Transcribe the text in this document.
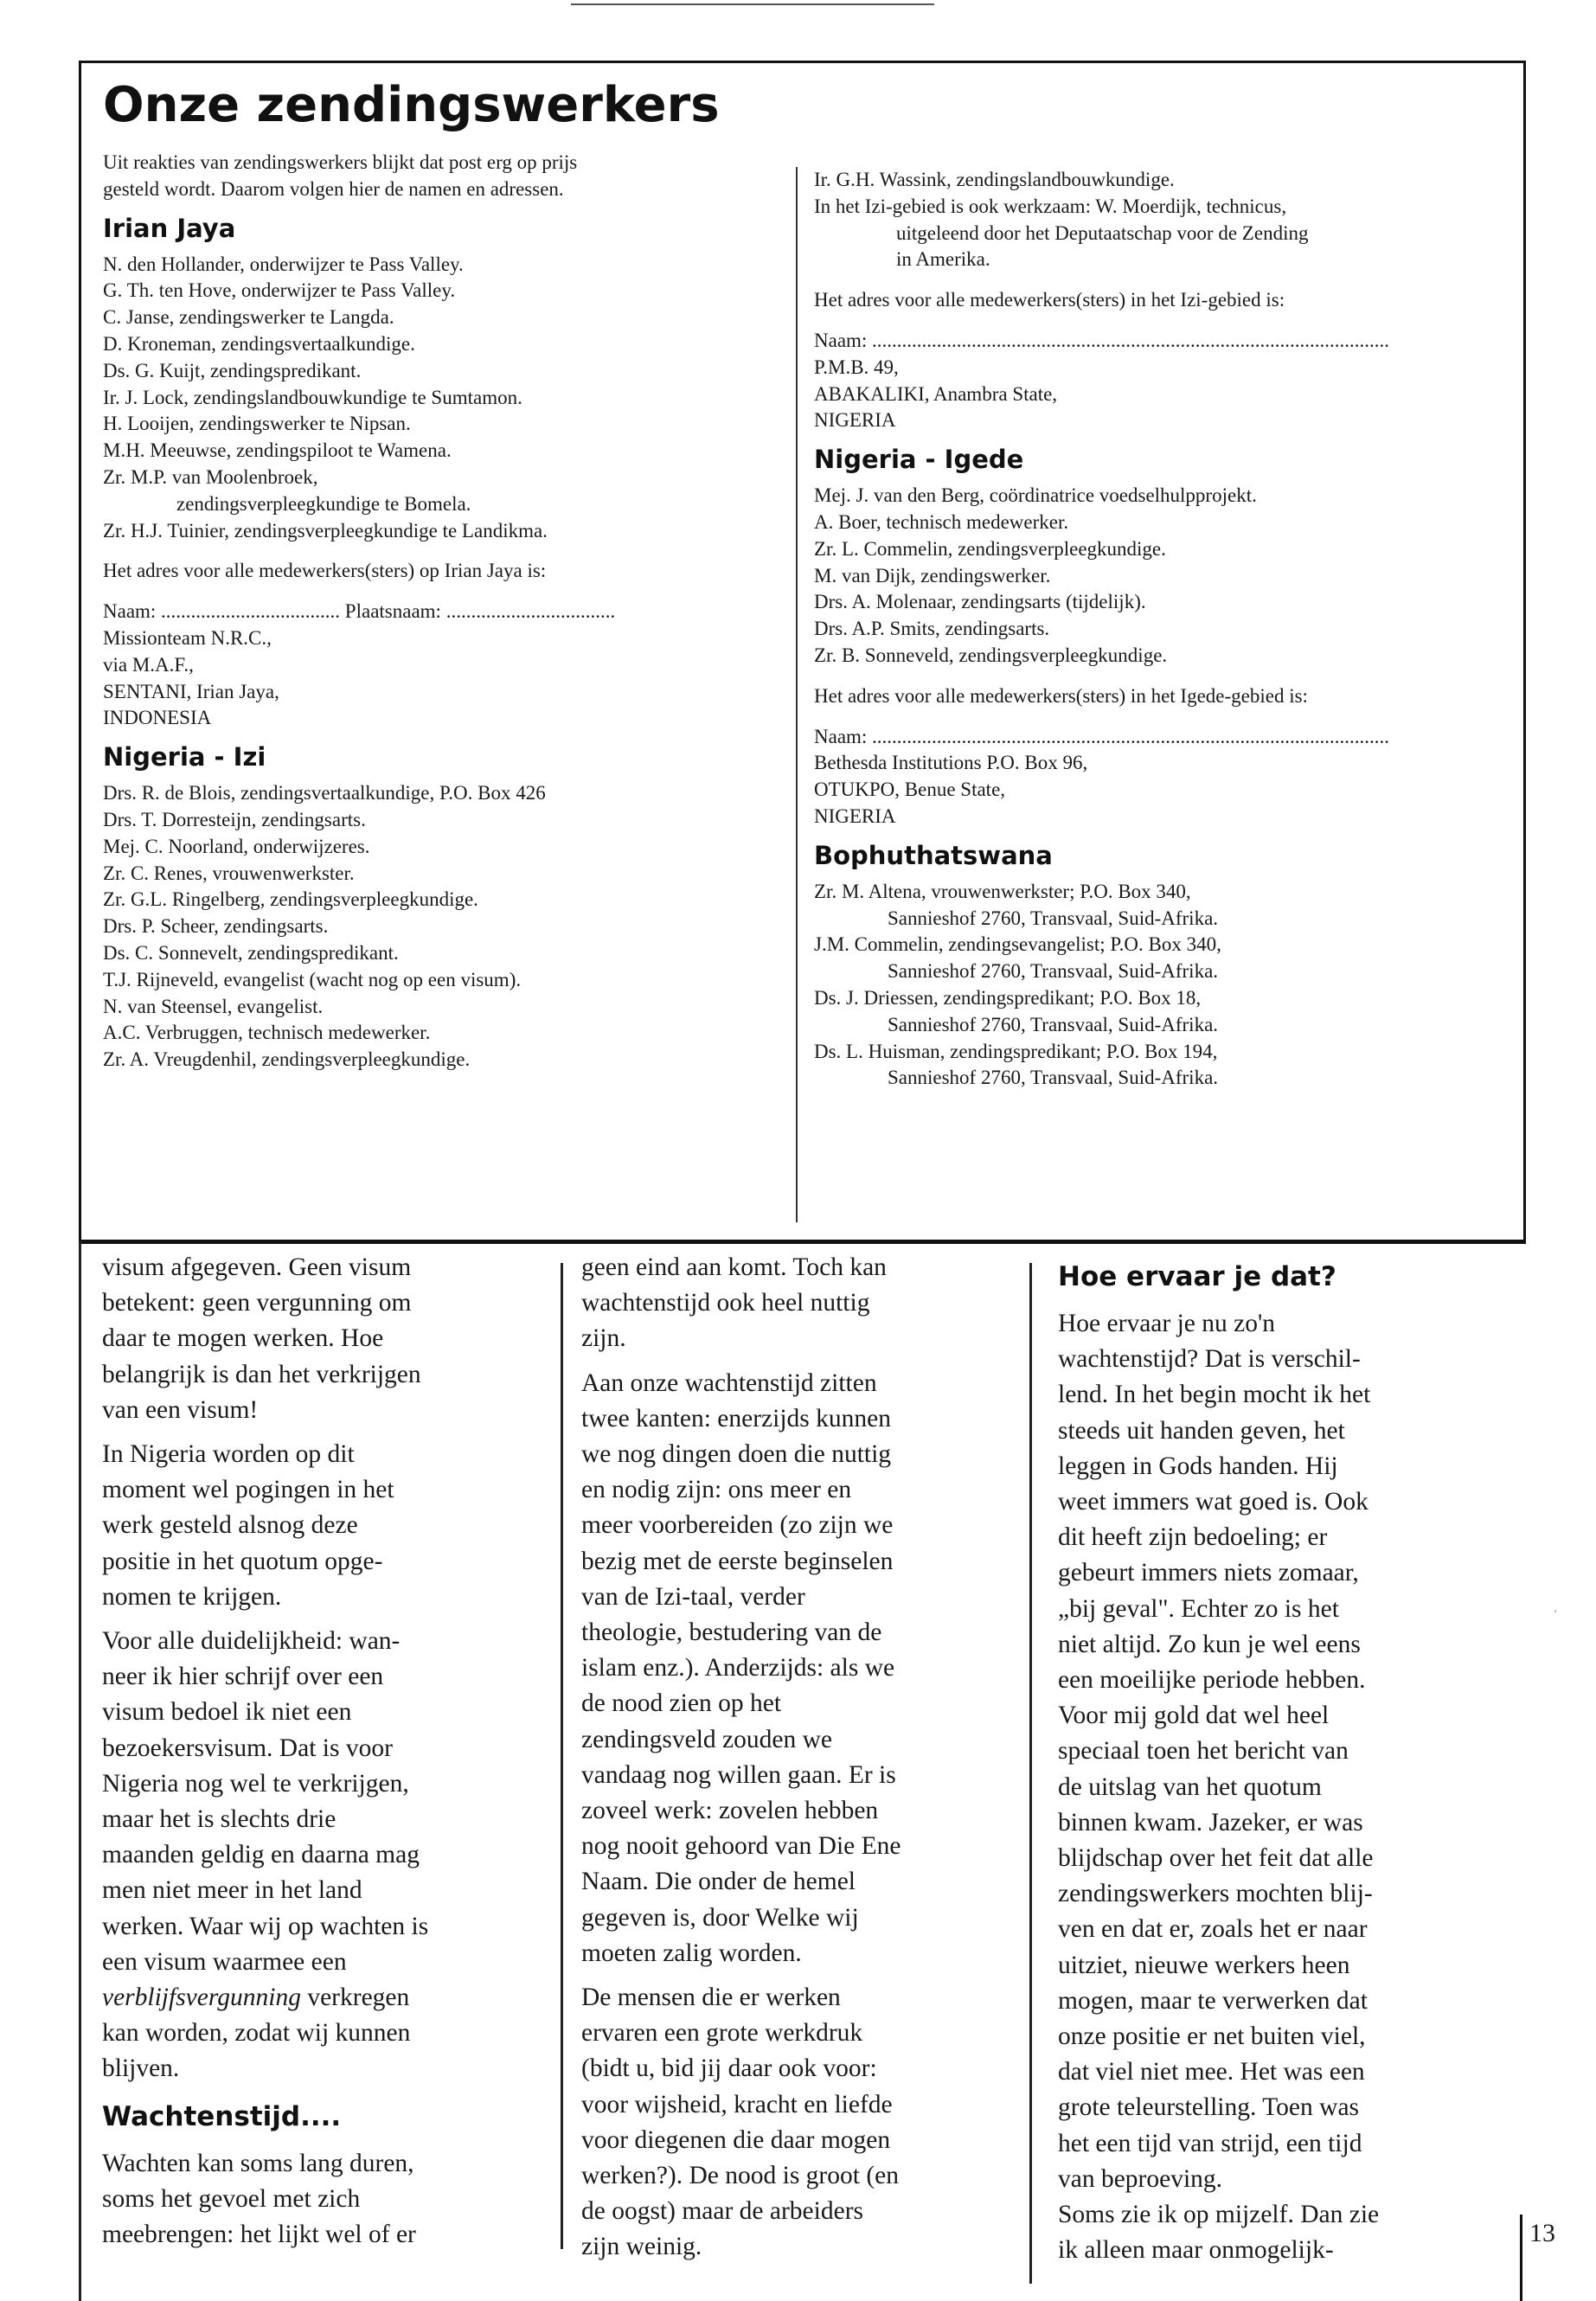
Onze zendingswerkers
Uit reakties van zendingswerkers blijkt dat post erg op prijs
gesteld wordt. Daarom volgen hier de namen en adressen.
Irian Jaya
N. den Hollander, onderwijzer te Pass Valley.
G. Th. ten Hove, onderwijzer te Pass Valley.
C. Janse, zendingswerker te Langda.
D. Kroneman, zendingsvertaalkundige.
Ds. G. Kuijt, zendingspredikant.
Ir. J. Lock, zendingslandbouwkundige te Sumtamon.
H. Looijen, zendingswerker te Nipsan.
M.H. Meeuwse, zendingspiloot te Wamena.
Zr. M.P. van Moolenbroek,
zendingsverpleegkundige te Bomela.
Zr. H.J. Tuinier, zendingsverpleegkundige te Landikma.
Het adres voor alle medewerkers(sters) op Irian Jaya is:
Naam: .................................... Plaatsnaam: ..................................
Missionteam N.R.C.,
via M.A.F.,
SENTANI, Irian Jaya,
INDONESIA
Nigeria - Izi
Drs. R. de Blois, zendingsvertaalkundige, P.O. Box 426
Drs. T. Dorresteijn, zendingsarts.
Mej. C. Noorland, onderwijzeres.
Zr. C. Renes, vrouwenwerkster.
Zr. G.L. Ringelberg, zendingsverpleegkundige.
Drs. P. Scheer, zendingsarts.
Ds. C. Sonnevelt, zendingspredikant.
T.J. Rijneveld, evangelist (wacht nog op een visum).
N. van Steensel, evangelist.
A.C. Verbruggen, technisch medewerker.
Zr. A. Vreugdenhil, zendingsverpleegkundige.
Ir. G.H. Wassink, zendingslandbouwkundige.
In het Izi-gebied is ook werkzaam: W. Moerdijk, technicus,
uitgeleend door het Deputaatschap voor de Zending
in Amerika.
Het adres voor alle medewerkers(sters) in het Izi-gebied is:
Naam: ........................................................................................................
P.M.B. 49,
ABAKALIKI, Anambra State,
NIGERIA
Nigeria - Igede
Mej. J. van den Berg, coördinatrice voedselhulpprojekt.
A. Boer, technisch medewerker.
Zr. L. Commelin, zendingsverpleegkundige.
M. van Dijk, zendingswerker.
Drs. A. Molenaar, zendingsarts (tijdelijk).
Drs. A.P. Smits, zendingsarts.
Zr. B. Sonneveld, zendingsverpleegkundige.
Het adres voor alle medewerkers(sters) in het Igede-gebied is:
Naam: ........................................................................................................
Bethesda Institutions P.O. Box 96,
OTUKPO, Benue State,
NIGERIA
Bophuthatswana
Zr. M. Altena, vrouwenwerkster; P.O. Box 340,
Sannieshof 2760, Transvaal, Suid-Afrika.
J.M. Commelin, zendingsevangelist; P.O. Box 340,
Sannieshof 2760, Transvaal, Suid-Afrika.
Ds. J. Driessen, zendingspredikant; P.O. Box 18,
Sannieshof 2760, Transvaal, Suid-Afrika.
Ds. L. Huisman, zendingspredikant; P.O. Box 194,
Sannieshof 2760, Transvaal, Suid-Afrika.

visum afgegeven. Geen visum
betekent: geen vergunning om
daar te mogen werken. Hoe
belangrijk is dan het verkrijgen
van een visum!

In Nigeria worden op dit
moment wel pogingen in het
werk gesteld alsnog deze
positie in het quotum opge-
nomen te krijgen.

Voor alle duidelijkheid: wan-
neer ik hier schrijf over een
visum bedoel ik niet een
bezoekersvisum. Dat is voor
Nigeria nog wel te verkrijgen,
maar het is slechts drie
maanden geldig en daarna mag
men niet meer in het land
werken. Waar wij op wachten is
een visum waarmee een
verblijfsvergunning verkregen
kan worden, zodat wij kunnen
blijven.

Wachtenstijd....

Wachten kan soms lang duren,
soms het gevoel met zich
meebrengen: het lijkt wel of er

geen eind aan komt. Toch kan
wachtenstijd ook heel nuttig
zijn.

Aan onze wachtenstijd zitten
twee kanten: enerzijds kunnen
we nog dingen doen die nuttig
en nodig zijn: ons meer en
meer voorbereiden (zo zijn we
bezig met de eerste beginselen
van de Izi-taal, verder
theologie, bestudering van de
islam enz.). Anderzijds: als we
de nood zien op het
zendingsveld zouden we
vandaag nog willen gaan. Er is
zoveel werk: zovelen hebben
nog nooit gehoord van Die Ene
Naam. Die onder de hemel
gegeven is, door Welke wij
moeten zalig worden.

De mensen die er werken
ervaren een grote werkdruk
(bidt u, bid jij daar ook voor:
voor wijsheid, kracht en liefde
voor diegenen die daar mogen
werken?). De nood is groot (en
de oogst) maar de arbeiders
zijn weinig.

Hoe ervaar je dat?

Hoe ervaar je nu zo'n
wachtenstijd? Dat is verschil-
lend. In het begin mocht ik het
steeds uit handen geven, het
leggen in Gods handen. Hij
weet immers wat goed is. Ook
dit heeft zijn bedoeling; er
gebeurt immers niets zomaar,
„bij geval". Echter zo is het
niet altijd. Zo kun je wel eens
een moeilijke periode hebben.
Voor mij gold dat wel heel
speciaal toen het bericht van
de uitslag van het quotum
binnen kwam. Jazeker, er was
blijdschap over het feit dat alle
zendingswerkers mochten blij-
ven en dat er, zoals het er naar
uitziet, nieuwe werkers heen
mogen, maar te verwerken dat
onze positie er net buiten viel,
dat viel niet mee. Het was een
grote teleurstelling. Toen was
het een tijd van strijd, een tijd
van beproeving.
Soms zie ik op mijzelf. Dan zie
ik alleen maar onmogelijk-

'
13
